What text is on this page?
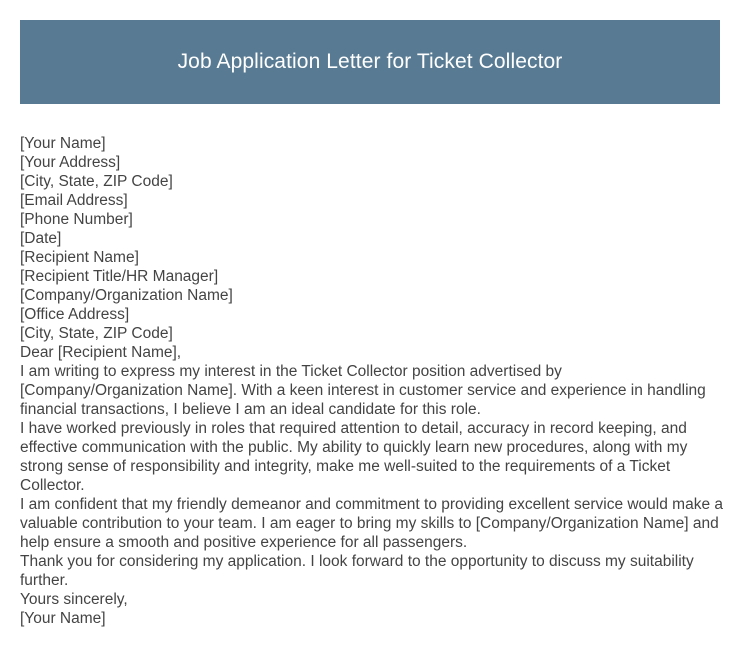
Job Application Letter for Ticket Collector

[Your Name]

[Your Address]

[City, State, ZIP Code]

[Email Address]

[Phone Number]

[Date]

[Recipient Name]

[Recipient Title/HR Manager]

[Company/Organization Name]

[Office Address]

[City, State, ZIP Code]

Dear [Recipient Name],

I am writing to express my interest in the Ticket Collector position advertised by [Company/Organization Name]. With a keen interest in customer service and experience in handling financial transactions, I believe I am an ideal candidate for this role.

I have worked previously in roles that required attention to detail, accuracy in record keeping, and effective communication with the public. My ability to quickly learn new procedures, along with my strong sense of responsibility and integrity, make me well-suited to the requirements of a Ticket Collector.

I am confident that my friendly demeanor and commitment to providing excellent service would make a valuable contribution to your team. I am eager to bring my skills to [Company/Organization Name] and help ensure a smooth and positive experience for all passengers.

Thank you for considering my application. I look forward to the opportunity to discuss my suitability further.

Yours sincerely,

[Your Name]
